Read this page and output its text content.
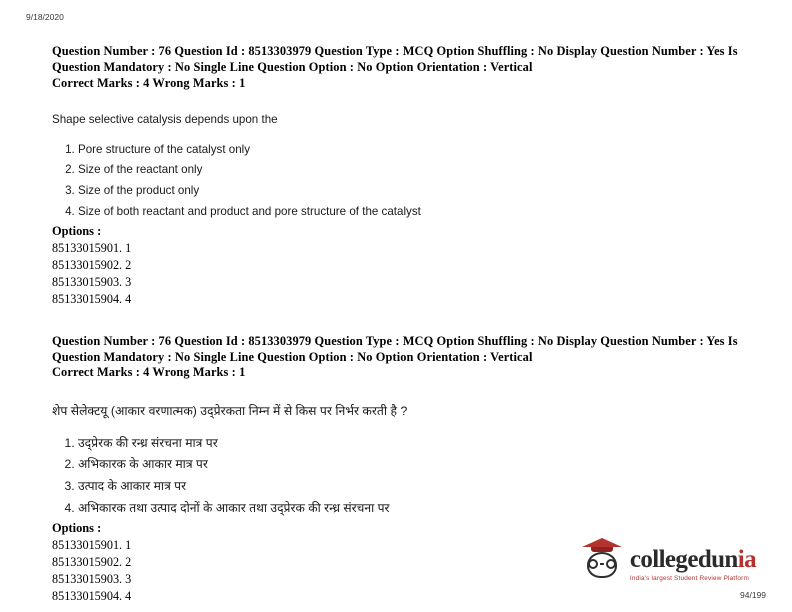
9/18/2020
Question Number : 76 Question Id : 8513303979 Question Type : MCQ Option Shuffling : No Display Question Number : Yes Is
Question Mandatory : No Single Line Question Option : No Option Orientation : Vertical
Correct Marks : 4 Wrong Marks : 1
Shape selective catalysis depends upon the
1. Pore structure of the catalyst only
2. Size of the reactant only
3. Size of the product only
4. Size of both reactant and product and pore structure of the catalyst
Options :
85133015901. 1
85133015902. 2
85133015903. 3
85133015904. 4
Question Number : 76 Question Id : 8513303979 Question Type : MCQ Option Shuffling : No Display Question Number : Yes Is
Question Mandatory : No Single Line Question Option : No Option Orientation : Vertical
Correct Marks : 4 Wrong Marks : 1
शेप सेलेक्टयू (आकार वरणात्मक) उद्प्रेरकता निम्न में से किस पर निर्भर करती है ?
1. उद्प्रेरक की रन्ध्र संरचना मात्र पर
2. अभिकारक के आकार मात्र पर
3. उत्पाद के आकार मात्र पर
4. अभिकारक तथा उत्पाद दोनों के आकार तथा उद्प्रेरक की रन्ध्र संरचना पर
Options :
85133015901. 1
85133015902. 2
85133015903. 3
85133015904. 4
collegedunia
India's largest Student Review Platform
94/199
